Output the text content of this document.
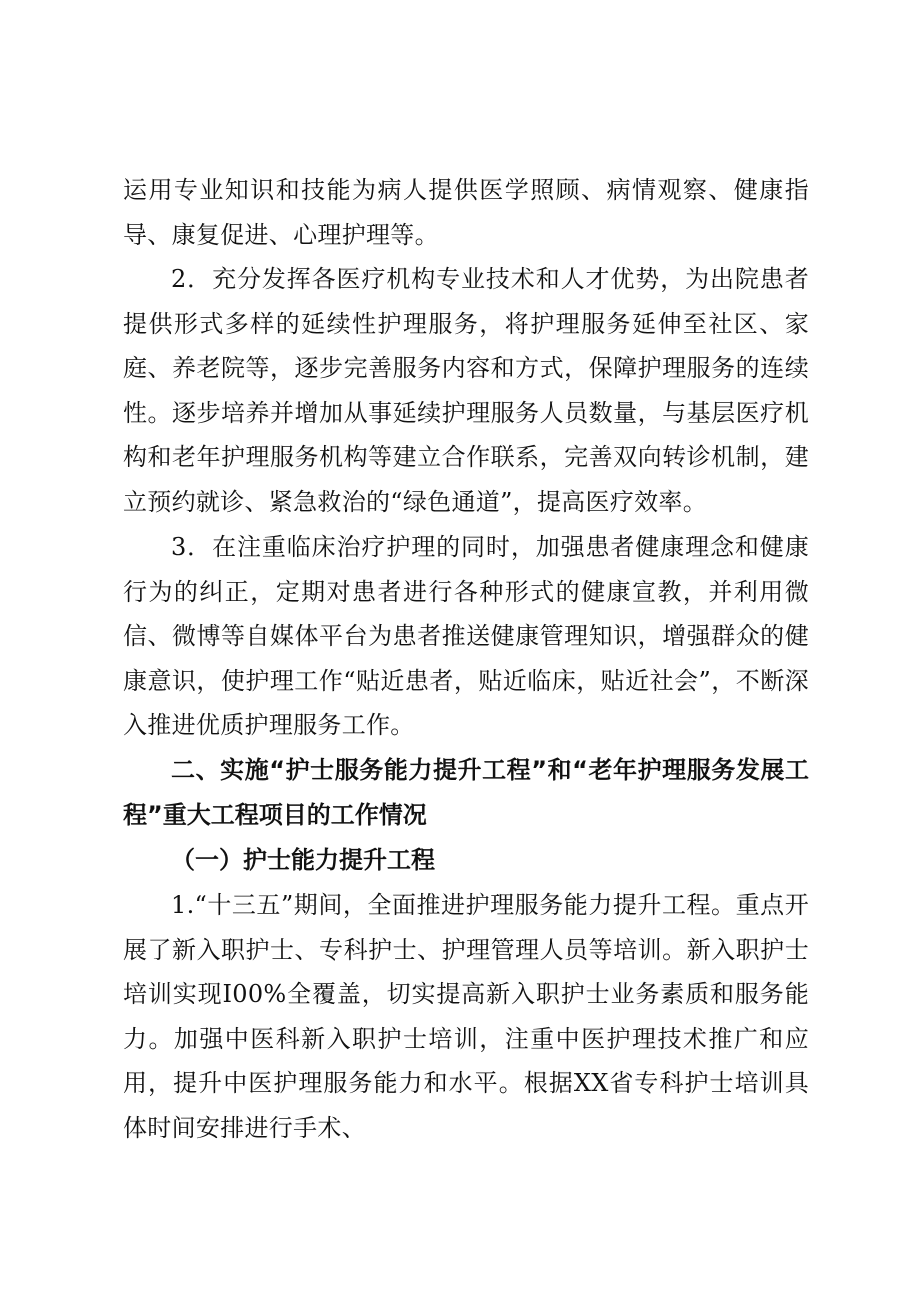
运用专业知识和技能为病人提供医学照顾、病情观察、健康指导、康复促进、心理护理等。

2．充分发挥各医疗机构专业技术和人才优势，为出院患者提供形式多样的延续性护理服务，将护理服务延伸至社区、家庭、养老院等，逐步完善服务内容和方式，保障护理服务的连续性。逐步培养并增加从事延续护理服务人员数量，与基层医疗机构和老年护理服务机构等建立合作联系，完善双向转诊机制，建立预约就诊、紧急救治的“绿色通道”，提高医疗效率。

3．在注重临床治疗护理的同时，加强患者健康理念和健康行为的纠正，定期对患者进行各种形式的健康宣教，并利用微信、微博等自媒体平台为患者推送健康管理知识，增强群众的健康意识，使护理工作“贴近患者，贴近临床，贴近社会”，不断深入推进优质护理服务工作。

二、实施“护士服务能力提升工程”和“老年护理服务发展工程”重大工程项目的工作情况
（一）护士能力提升工程

1.“十三五”期间，全面推进护理服务能力提升工程。重点开展了新入职护士、专科护士、护理管理人员等培训。新入职护士培训实现I00%全覆盖，切实提高新入职护士业务素质和服务能力。加强中医科新入职护士培训，注重中医护理技术推广和应用，提升中医护理服务能力和水平。根据XX省专科护士培训具体时间安排进行手术、
